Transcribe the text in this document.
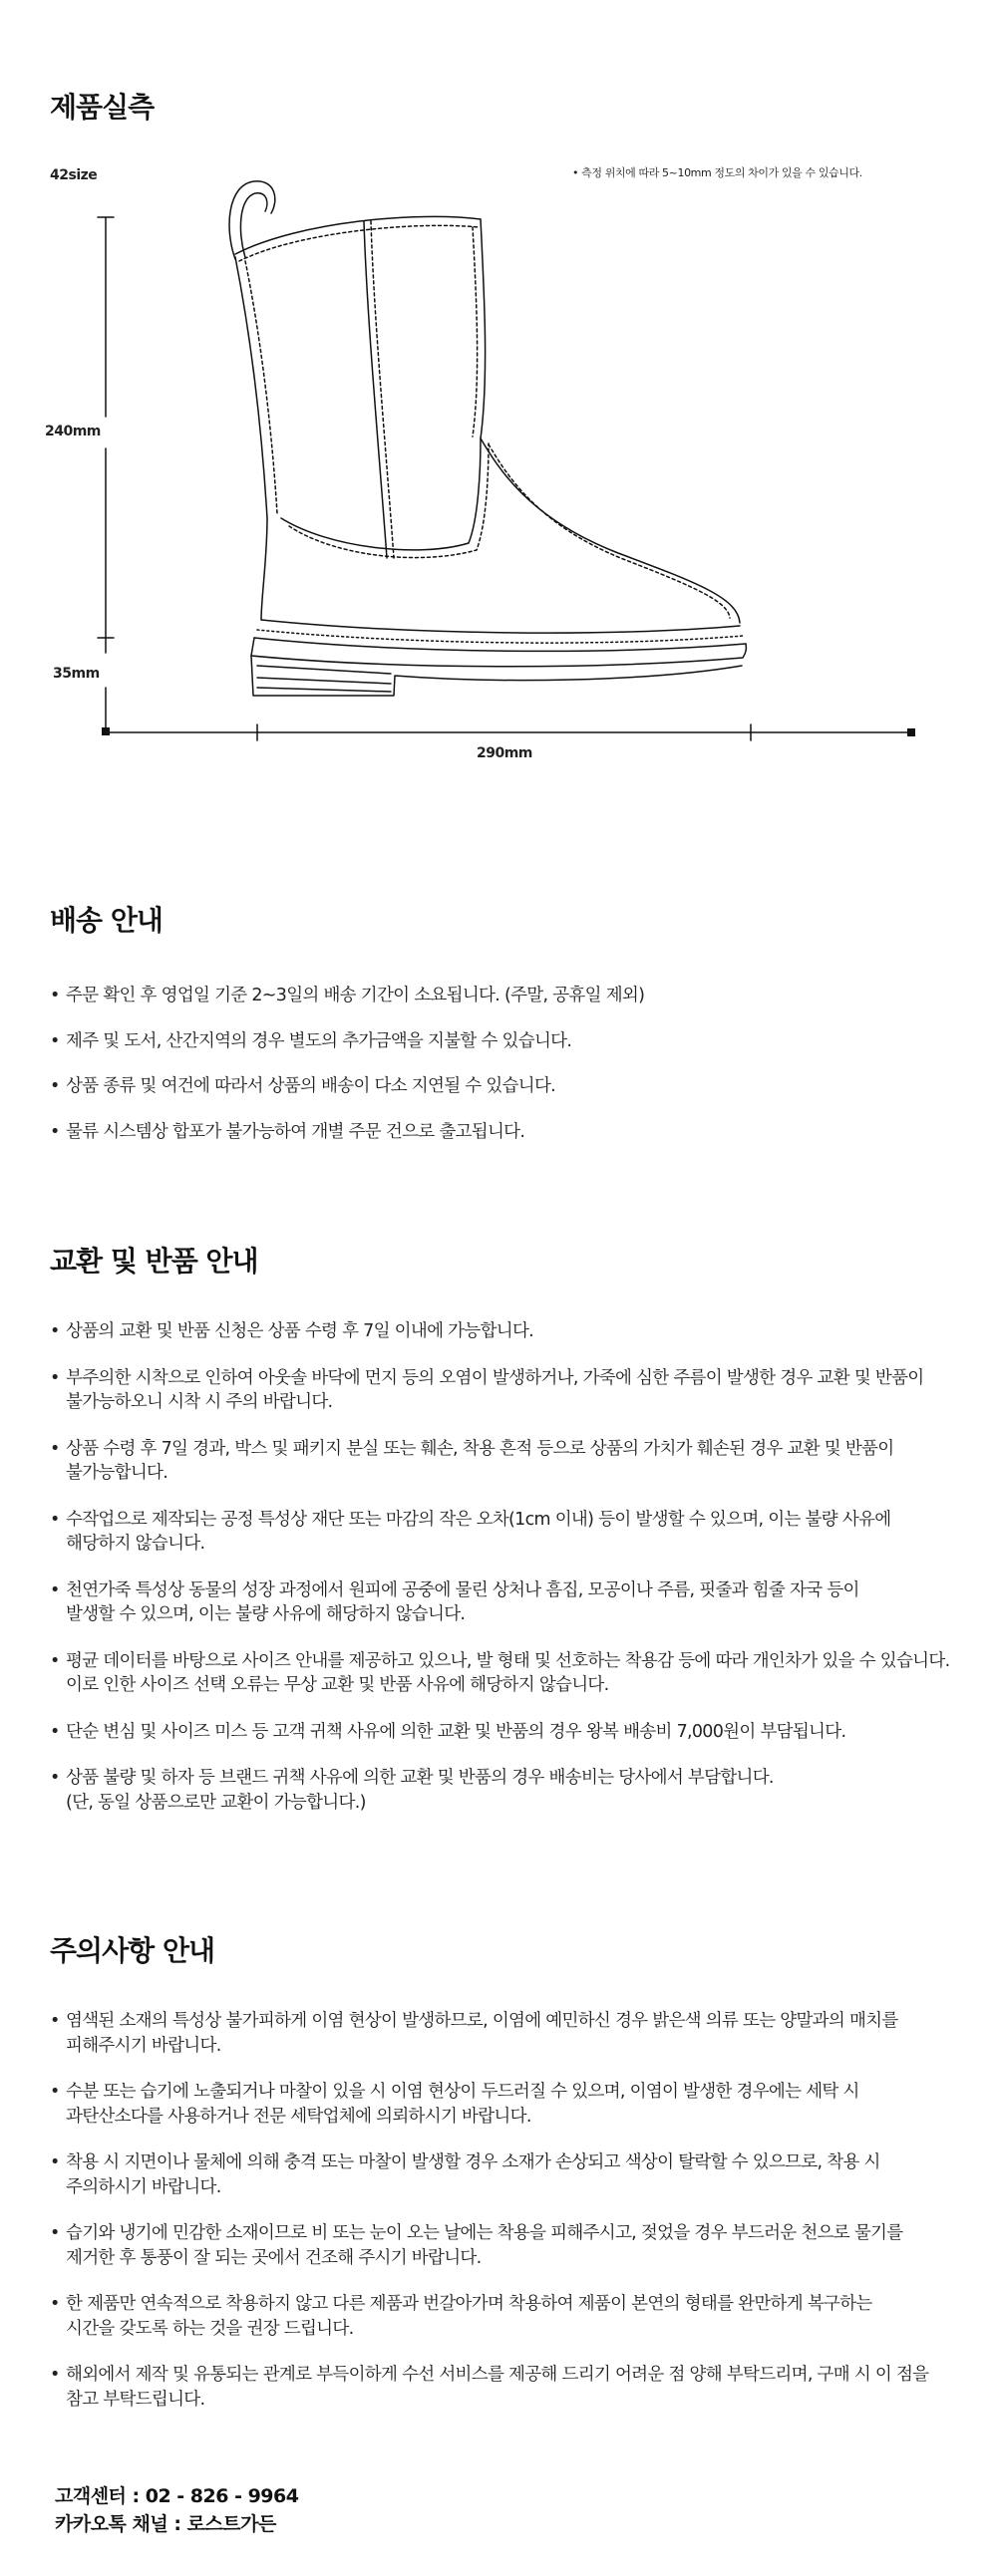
제품실측
42size	• 측정 위치에 따라 5~10mm 정도의 차이가 있을 수 있습니다.
240mm
35mm
290mm
배송 안내
• 주문 확인 후 영업일 기준 2~3일의 배송 기간이 소요됩니다. (주말, 공휴일 제외)
• 제주 및 도서, 산간지역의 경우 별도의 추가금액을 지불할 수 있습니다.
• 상품 종류 및 여건에 따라서 상품의 배송이 다소 지연될 수 있습니다.
• 물류 시스템상 합포가 불가능하여 개별 주문 건으로 출고됩니다.
교환 및 반품 안내
• 상품의 교환 및 반품 신청은 상품 수령 후 7일 이내에 가능합니다.
• 부주의한 시착으로 인하여 아웃솔 바닥에 먼지 등의 오염이 발생하거나, 가죽에 심한 주름이 발생한 경우 교환 및 반품이
불가능하오니 시착 시 주의 바랍니다.
• 상품 수령 후 7일 경과, 박스 및 패키지 분실 또는 훼손, 착용 흔적 등으로 상품의 가치가 훼손된 경우 교환 및 반품이
불가능합니다.
• 수작업으로 제작되는 공정 특성상 재단 또는 마감의 작은 오차(1cm 이내) 등이 발생할 수 있으며, 이는 불량 사유에
해당하지 않습니다.
• 천연가죽 특성상 동물의 성장 과정에서 원피에 공중에 물린 상처나 흠집, 모공이나 주름, 핏줄과 힘줄 자국 등이
발생할 수 있으며, 이는 불량 사유에 해당하지 않습니다.
• 평균 데이터를 바탕으로 사이즈 안내를 제공하고 있으나, 발 형태 및 선호하는 착용감 등에 따라 개인차가 있을 수 있습니다.
이로 인한 사이즈 선택 오류는 무상 교환 및 반품 사유에 해당하지 않습니다.
• 단순 변심 및 사이즈 미스 등 고객 귀책 사유에 의한 교환 및 반품의 경우 왕복 배송비 7,000원이 부담됩니다.
• 상품 불량 및 하자 등 브랜드 귀책 사유에 의한 교환 및 반품의 경우 배송비는 당사에서 부담합니다.
(단, 동일 상품으로만 교환이 가능합니다.)
주의사항 안내
• 염색된 소재의 특성상 불가피하게 이염 현상이 발생하므로, 이염에 예민하신 경우 밝은색 의류 또는 양말과의 매치를
피해주시기 바랍니다.
• 수분 또는 습기에 노출되거나 마찰이 있을 시 이염 현상이 두드러질 수 있으며, 이염이 발생한 경우에는 세탁 시
과탄산소다를 사용하거나 전문 세탁업체에 의뢰하시기 바랍니다.
• 착용 시 지면이나 물체에 의해 충격 또는 마찰이 발생할 경우 소재가 손상되고 색상이 탈락할 수 있으므로, 착용 시
주의하시기 바랍니다.
• 습기와 냉기에 민감한 소재이므로 비 또는 눈이 오는 날에는 착용을 피해주시고, 젖었을 경우 부드러운 천으로 물기를
제거한 후 통풍이 잘 되는 곳에서 건조해 주시기 바랍니다.
• 한 제품만 연속적으로 착용하지 않고 다른 제품과 번갈아가며 착용하여 제품이 본연의 형태를 완만하게 복구하는
시간을 갖도록 하는 것을 권장 드립니다.
• 해외에서 제작 및 유통되는 관계로 부득이하게 수선 서비스를 제공해 드리기 어려운 점 양해 부탁드리며, 구매 시 이 점을
참고 부탁드립니다.
고객센터 : 02 - 826 - 9964
카카오톡 채널 : 로스트가든
